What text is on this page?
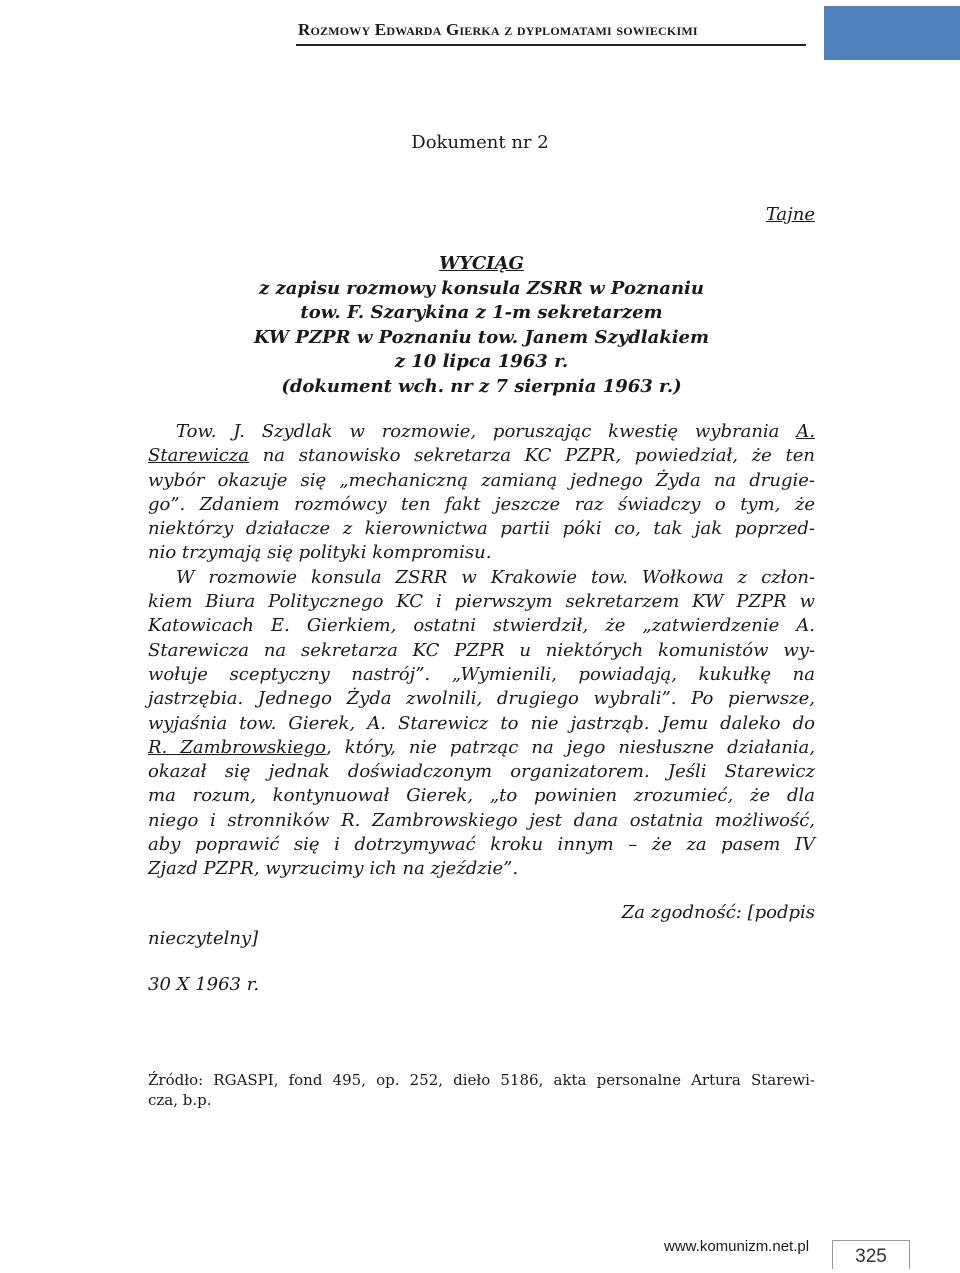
Rozmowy Edwarda Gierka z dyplomatami sowieckimi
Dokument nr 2
Tajne
WYCIĄG
z zapisu rozmowy konsula ZSRR w Poznaniu
tow. F. Szarykina z 1-m sekretarzem
KW PZPR w Poznaniu tow. Janem Szydlakiem
z 10 lipca 1963 r.
(dokument wch. nr z 7 sierpnia 1963 r.)
Tow. J. Szydlak w rozmowie, poruszając kwestię wybrania A.
Starewicza na stanowisko sekretarza KC PZPR, powiedział, że ten
wybór okazuje się „mechaniczną zamianą jednego Żyda na drugie-
go”. Zdaniem rozmówcy ten fakt jeszcze raz świadczy o tym, że
niektórzy działacze z kierownictwa partii póki co, tak jak poprzed-
nio trzymają się polityki kompromisu.
W rozmowie konsula ZSRR w Krakowie tow. Wołkowa z człon-
kiem Biura Politycznego KC i pierwszym sekretarzem KW PZPR w
Katowicach E. Gierkiem, ostatni stwierdził, że „zatwierdzenie A.
Starewicza na sekretarza KC PZPR u niektórych komunistów wy-
wołuje sceptyczny nastrój”. „Wymienili, powiadają, kukułkę na
jastrzębia. Jednego Żyda zwolnili, drugiego wybrali”. Po pierwsze,
wyjaśnia tow. Gierek, A. Starewicz to nie jastrząb. Jemu daleko do
R. Zambrowskiego, który, nie patrząc na jego niesłuszne działania,
okazał się jednak doświadczonym organizatorem. Jeśli Starewicz
ma rozum, kontynuował Gierek, „to powinien zrozumieć, że dla
niego i stronników R. Zambrowskiego jest dana ostatnia możliwość,
aby poprawić się i dotrzymywać kroku innym – że za pasem IV
Zjazd PZPR, wyrzucimy ich na zjeździe”.
Za zgodność: [podpis
nieczytelny]
30 X 1963 r.
Źródło: RGASPI, fond 495, op. 252, dieło 5186, akta personalne Artura Starewi-
cza, b.p.
www.komunizm.net.pl	325
